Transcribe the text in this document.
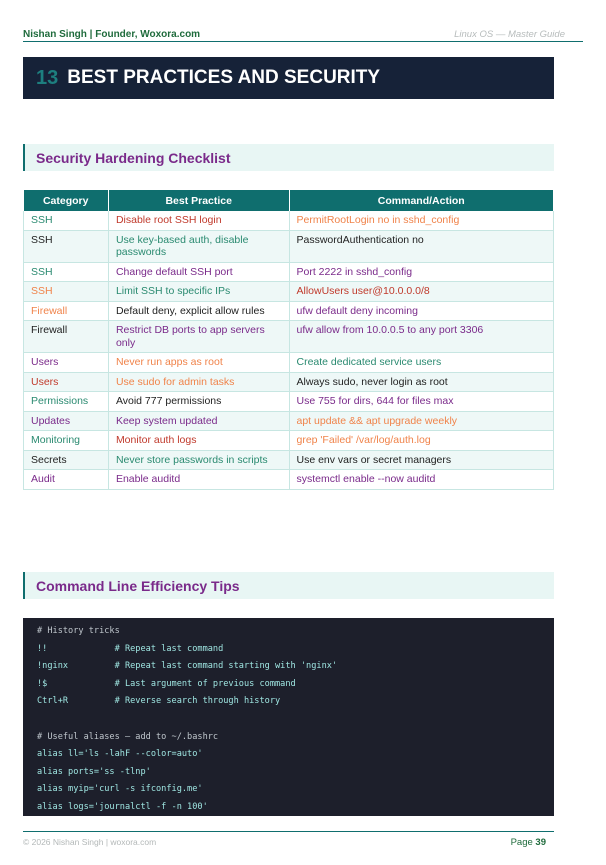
Nishan Singh | Founder, Woxora.com	Linux OS — Master Guide
13 BEST PRACTICES AND SECURITY
Security Hardening Checklist
Category	Best Practice	Command/Action
SSH	Disable root SSH login	PermitRootLogin no in sshd_config
SSH	Use key-based auth, disable passwords	PasswordAuthentication no
SSH	Change default SSH port	Port 2222 in sshd_config
SSH	Limit SSH to specific IPs	AllowUsers user@10.0.0.0/8
Firewall	Default deny, explicit allow rules	ufw default deny incoming
Firewall	Restrict DB ports to app servers only	ufw allow from 10.0.0.5 to any port 3306
Users	Never run apps as root	Create dedicated service users
Users	Use sudo for admin tasks	Always sudo, never login as root
Permissions	Avoid 777 permissions	Use 755 for dirs, 644 for files max
Updates	Keep system updated	apt update && apt upgrade weekly
Monitoring	Monitor auth logs	grep 'Failed' /var/log/auth.log
Secrets	Never store passwords in scripts	Use env vars or secret managers
Audit	Enable auditd	systemctl enable --now auditd
Command Line Efficiency Tips
# History tricks
!!             # Repeat last command
!nginx         # Repeat last command starting with 'nginx'
!$             # Last argument of previous command
Ctrl+R         # Reverse search through history
# Useful aliases — add to ~/.bashrc
alias ll='ls -lahF --color=auto'
alias ports='ss -tlnp'
alias myip='curl -s ifconfig.me'
alias logs='journalctl -f -n 100'
© 2026 Nishan Singh | woxora.com	Page 39
